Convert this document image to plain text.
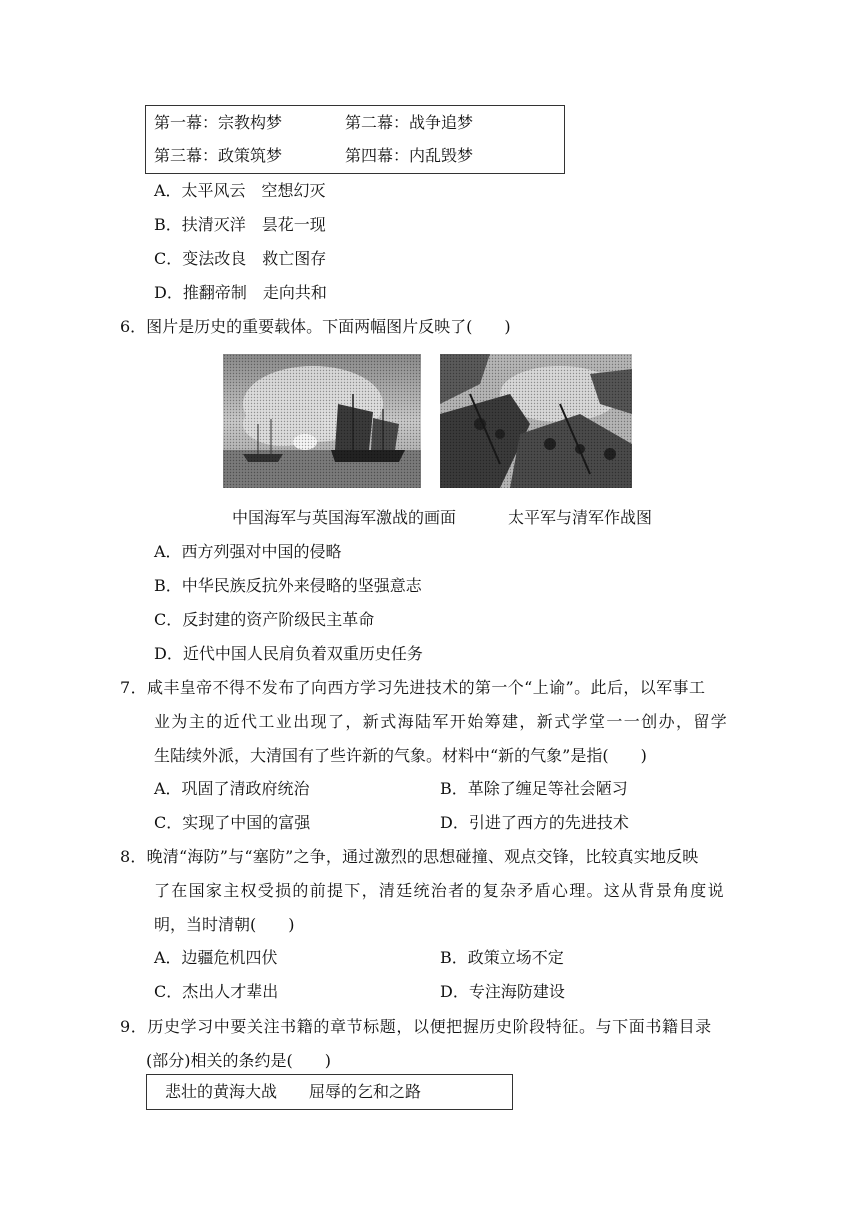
第一幕：宗教构梦	第二幕：战争追梦
第三幕：政策筑梦	第四幕：内乱毁梦
A．太平风云　空想幻灭
B．扶清灭洋　昙花一现
C．变法改良　救亡图存
D．推翻帝制　走向共和
6．图片是历史的重要载体。下面两幅图片反映了(　　)
中国海军与英国海军激战的画面	太平军与清军作战图
A．西方列强对中国的侵略
B．中华民族反抗外来侵略的坚强意志
C．反封建的资产阶级民主革命
D．近代中国人民肩负着双重历史任务
7．咸丰皇帝不得不发布了向西方学习先进技术的第一个“上谕”。此后，以军事工
业为主的近代工业出现了，新式海陆军开始筹建，新式学堂一一创办，留学
生陆续外派，大清国有了些许新的气象。材料中“新的气象”是指(　　)
A．巩固了清政府统治	B．革除了缠足等社会陋习
C．实现了中国的富强	D．引进了西方的先进技术
8．晚清“海防”与“塞防”之争，通过激烈的思想碰撞、观点交锋，比较真实地反映
了在国家主权受损的前提下，清廷统治者的复杂矛盾心理。这从背景角度说
明，当时清朝(　　)
A．边疆危机四伏	B．政策立场不定
C．杰出人才辈出	D．专注海防建设
9．历史学习中要关注书籍的章节标题，以便把握历史阶段特征。与下面书籍目录
(部分)相关的条约是(　　)
悲壮的黄海大战　　屈辱的乞和之路
